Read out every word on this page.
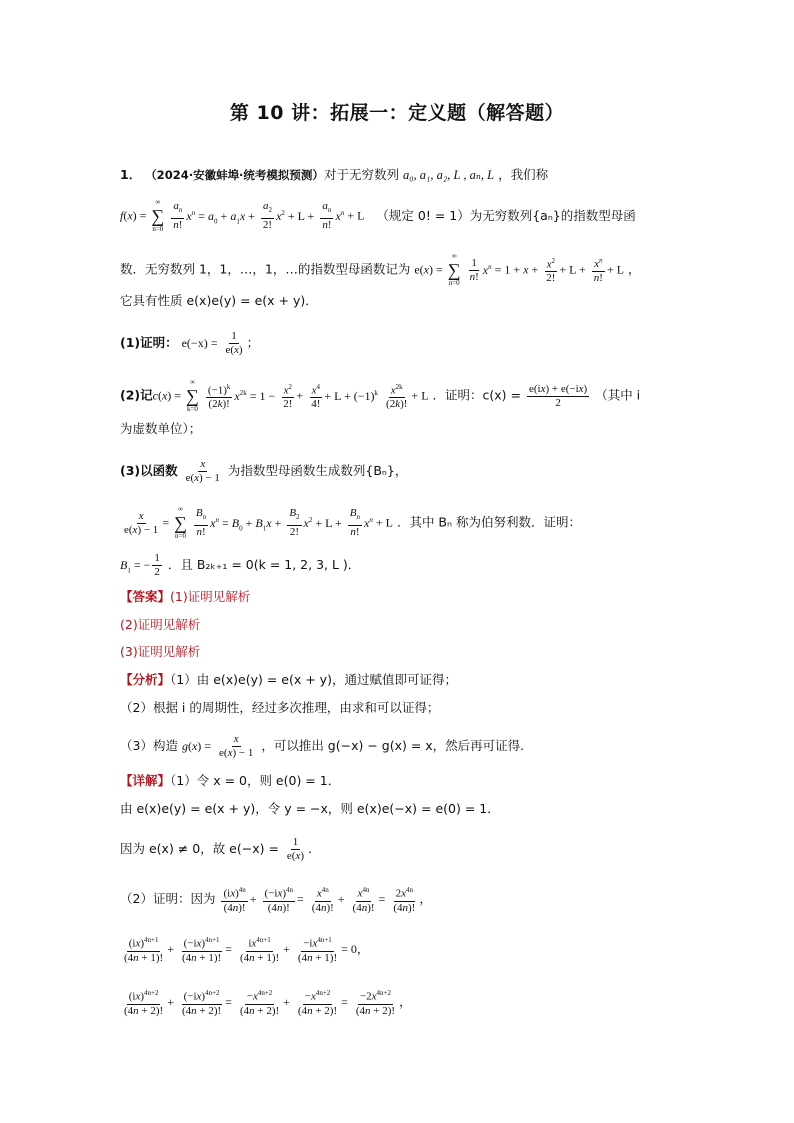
第 10 讲：拓展一：定义题（解答题）
1． （2024·安徽蚌埠·统考模拟预测）对于无穷数列 a₀, a₁, a₂, L , aₙ, L ，我们称
f(x) =
∞
∑
n=0
$\frac{a_n}{n!} x^n = a_0 + a_1x + \frac{a_2}{2!} x^2 + L + \frac{a_n}{n!} x^n + L$ （规定 0! = 1）为无穷数列{aₙ}的指数型母函
数．无穷数列 1，1，…，1，…的指数型母函数记为 e(x) =
∞
∑
n=0
$\frac{1}{n!} x^n = 1 + x + \frac{x^2}{2!} + L + \frac{x^n}{n!} + L$ ，
它具有性质 e(x)e(y) = e(x + y)．
(1)证明： $e(-x) = \frac{1}{e(x)}$ ；
(2)记c(x) =
∞
∑
k=0
$\frac{(-1)^k}{(2k)!} x^{2k} = 1 - \frac{x^2}{2!} + \frac{x^4}{4!} + L + (-1)^k \frac{x^{2k}}{(2k)!} + L$ ．证明：$c(x) = \frac{e(ix) + e(-ix)}{2}$ （其中 i
为虚数单位）；
(3)以函数 $\frac{x}{e(x) - 1}$ 为指数型母函数生成数列{Bₙ}，
$\frac{x}{e(x) - 1}$ =
∞
∑
n=0
$\frac{B_n}{n!} x^n = B_0 + B_1x + \frac{B_2}{2!} x^2 + L + \frac{B_n}{n!} x^n + L$ ．其中 Bₙ 称为伯努利数．证明：
$B_1$ = − $\frac{1}{2}$ ．且 B₂ₖ₊₁ = 0(k = 1, 2, 3, L )．
【答案】(1)证明见解析
(2)证明见解析
(3)证明见解析
【分析】（1）由 e(x)e(y) = e(x + y)，通过赋值即可证得；
（2）根据 i 的周期性，经过多次推理，由求和可以证得；
（3）构造 $g(x) = \frac{x}{e(x) - 1}$ ，可以推出 g(−x) − g(x) = x，然后再可证得.
【详解】（1）令 x = 0，则 e(0) = 1．
由 e(x)e(y) = e(x + y)，令 y = −x，则 e(x)e(−x) = e(0) = 1．
因为 e(x) ≠ 0，故 $e(-x) = \frac{1}{e(x)}$ ．
（2）证明：因为 $\frac{(ix)^{4n}}{(4n)!} + \frac{(-ix)^{4n}}{(4n)!} = \frac{x^{4n}}{(4n)!} + \frac{x^{4n}}{(4n)!} = \frac{2x^{4n}}{(4n)!}$ ，
$\frac{(ix)^{4n+1}}{(4n + 1)!} + \frac{(-ix)^{4n+1}}{(4n + 1)!} = \frac{ix^{4n+1}}{(4n + 1)!} + \frac{-ix^{4n+1}}{(4n + 1)!} = 0$，
$\frac{(ix)^{4n+2}}{(4n + 2)!} + \frac{(-ix)^{4n+2}}{(4n + 2)!} = \frac{-x^{4n+2}}{(4n + 2)!} + \frac{-x^{4n+2}}{(4n + 2)!} = \frac{-2x^{4n+2}}{(4n + 2)!}$ ，
